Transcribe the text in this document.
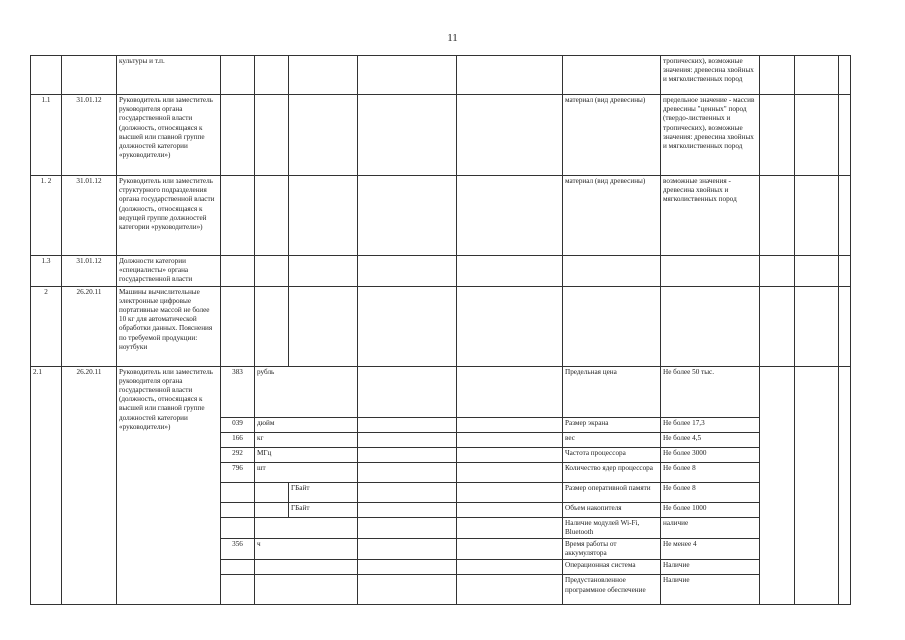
11
		культуры и т.п.							тропических), возможные значения: древесина хвойных и мягколиственных пород			
1.1	31.01.12	Руководитель или заместитель руководителя органа государственной власти (должность, относящаяся к высшей или главной группе должностей категории «руководители»)						материал (вид древесины)	предельное значение - массив древесины "ценных" пород (твердо-лиственных и тропических), возможные значения: древесина хвойных и мягколиственных пород			
1. 2	31.01.12	Руководитель или заместитель структурного подразделения органа государственной власти (должность, относящаяся к ведущей группе должностей категории «руководители»)						материал (вид древесины)	возможные значения - древесина хвойных и мягколиственных пород			
1.3	31.01.12	Должности категории «специалисты» органа государственной власти										
2	26.20.11	Машины вычислительные электронные цифровые портативные массой не более 10 кг для автоматической обработки данных. Пояснения по требуемой продукции: ноутбуки										
2.1	26.20.11	Руководитель или заместитель руководителя органа государственной власти (должность, относящаяся к высшей или главной группе должностей категории «руководители»)	383	рубль				Предельная цена	Не более 50 тыс.			
			039	дюйм				Размер экрана	Не более 17,3			
			166	кг				вес	Не более 4,5			
			292	МГц				Частота процессора	Не более 3000			
			796	шт				Количество ядер процессора	Не более 8			
					ГБайт			Размер оперативной памяти	Не более 8			
					ГБайт			Объем накопителя	Не более 1000			
								Наличие модулей Wi-Fi, Bluetooth	наличие			
			356	ч				Время работы от аккумулятора	Не менее 4			
								Операционная система	Наличие			
								Предустановленное программное обеспечение	Наличие			
